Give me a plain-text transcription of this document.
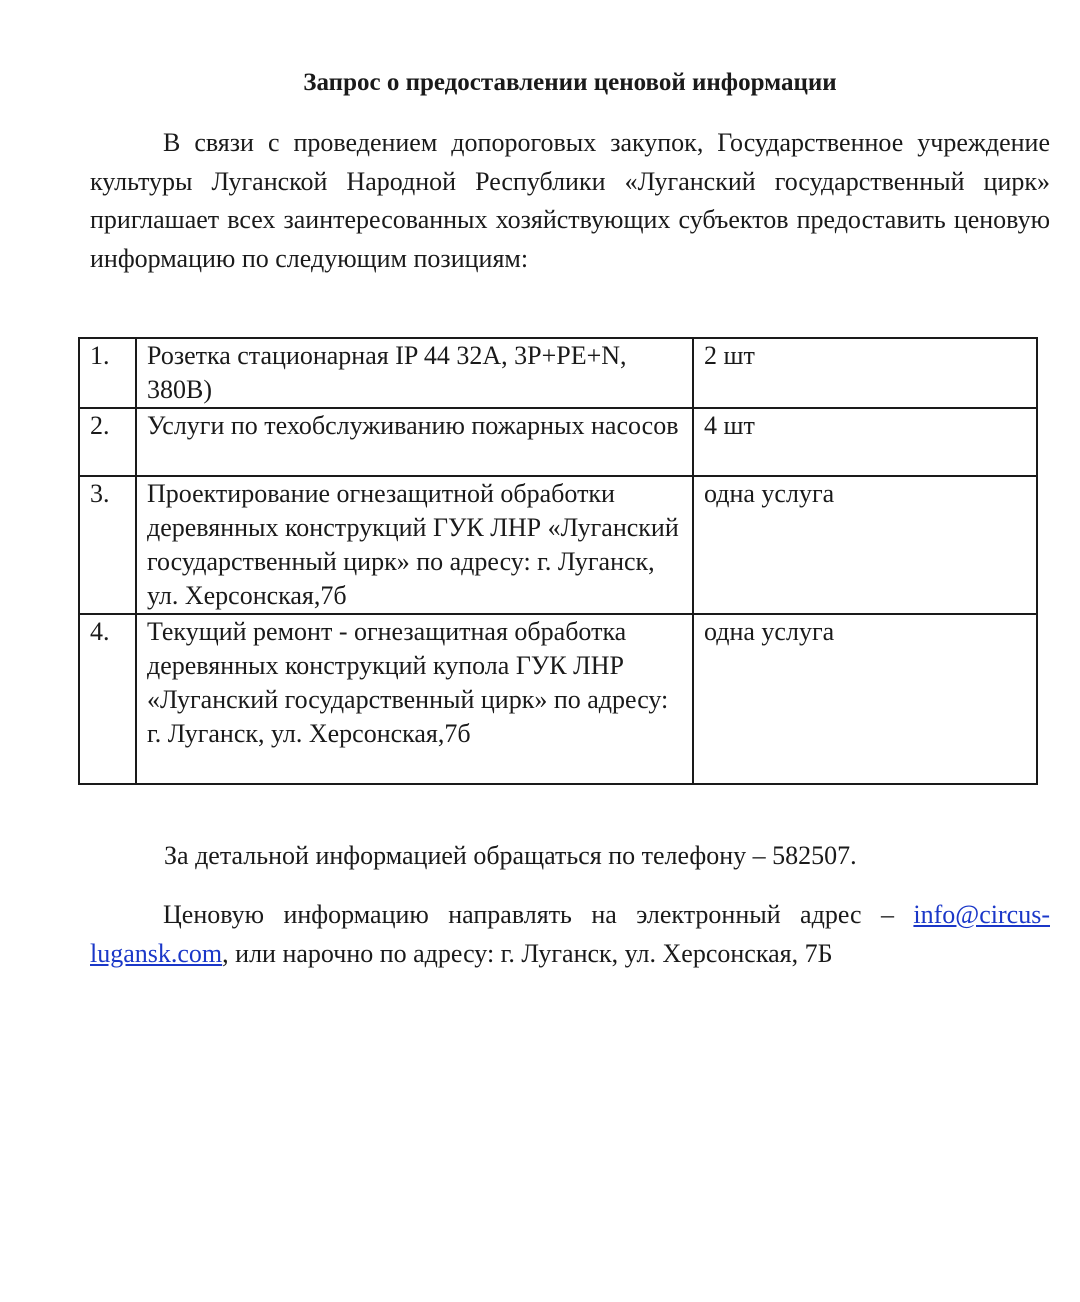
Запрос о предоставлении ценовой информации
В связи с проведением допороговых закупок, Государственное учреждение культуры Луганской Народной Республики «Луганский государственный цирк» приглашает всех заинтересованных хозяйствующих субъектов предоставить ценовую информацию по следующим позициям:
1.	Розетка стационарная IP 44 32А, 3P+PE+N, 380В)	2 шт
2.	Услуги по техобслуживанию пожарных насосов	4 шт
3.	Проектирование огнезащитной обработки деревянных конструкций ГУК ЛНР «Луганский государственный цирк» по адресу: г. Луганск, ул. Херсонская,7б	одна услуга
4.	Текущий ремонт - огнезащитная обработка деревянных конструкций купола ГУК ЛНР «Луганский государственный цирк» по адресу: г. Луганск, ул. Херсонская,7б	одна услуга
За детальной информацией обращаться по телефону – 582507.
Ценовую информацию направлять на электронный адрес – info@circus-lugansk.com, или нарочно по адресу: г. Луганск, ул. Херсонская, 7Б
